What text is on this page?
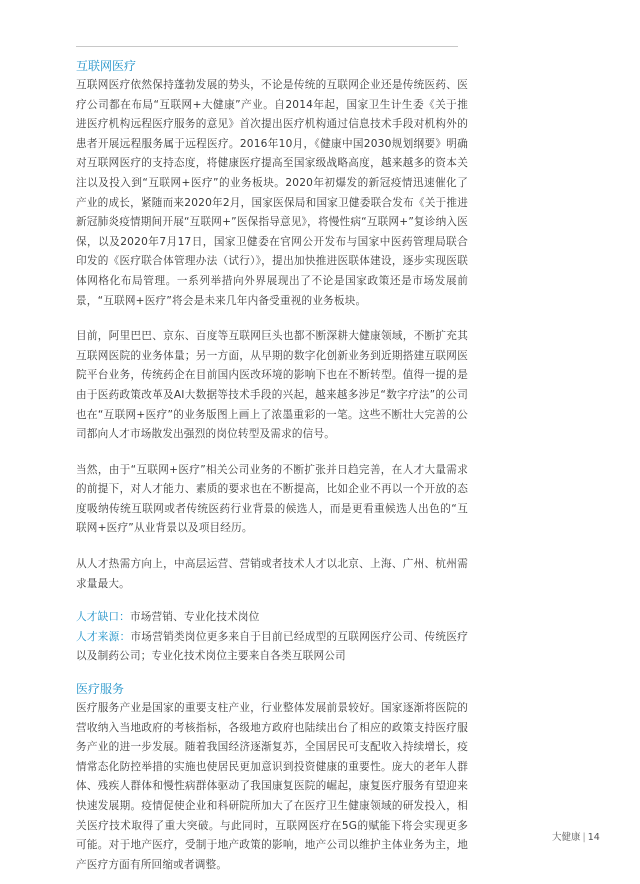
互联网医疗

互联网医疗依然保持蓬勃发展的势头，不论是传统的互联网企业还是传统医药、医疗公司都在布局“互联网+大健康”产业。自2014年起，国家卫生计生委《关于推进医疗机构远程医疗服务的意见》首次提出医疗机构通过信息技术手段对机构外的患者开展远程服务属于远程医疗。2016年10月，《健康中国2030规划纲要》明确对互联网医疗的支持态度，将健康医疗提高至国家级战略高度，越来越多的资本关注以及投入到“互联网+医疗”的业务板块。2020年初爆发的新冠疫情迅速催化了产业的成长，紧随而来2020年2月，国家医保局和国家卫健委联合发布《关于推进新冠肺炎疫情期间开展“互联网+”医保指导意见》，将慢性病“互联网+”复诊纳入医保，以及2020年7月17日，国家卫健委在官网公开发布与国家中医药管理局联合印发的《医疗联合体管理办法（试行）》，提出加快推进医联体建设，逐步实现医联体网格化布局管理。一系列举措向外界展现出了不论是国家政策还是市场发展前景，“互联网+医疗”将会是未来几年内备受重视的业务板块。

目前，阿里巴巴、京东、百度等互联网巨头也都不断深耕大健康领域，不断扩充其互联网医院的业务体量；另一方面，从早期的数字化创新业务到近期搭建互联网医院平台业务，传统药企在目前国内医改环境的影响下也在不断转型。值得一提的是由于医药政策改革及AI大数据等技术手段的兴起，越来越多涉足“数字疗法”的公司也在“互联网+医疗”的业务版图上画上了浓墨重彩的一笔。这些不断壮大完善的公司都向人才市场散发出强烈的岗位转型及需求的信号。

当然，由于“互联网+医疗”相关公司业务的不断扩张并日趋完善，在人才大量需求的前提下，对人才能力、素质的要求也在不断提高，比如企业不再以一个开放的态度吸纳传统互联网或者传统医药行业背景的候选人，而是更看重候选人出色的“互联网+医疗”从业背景以及项目经历。

从人才热需方向上，中高层运营、营销或者技术人才以北京、上海、广州、杭州需求量最大。

人才缺口：市场营销、专业化技术岗位

人才来源：市场营销类岗位更多来自于目前已经成型的互联网医疗公司、传统医疗以及制药公司；专业化技术岗位主要来自各类互联网公司

医疗服务

医疗服务产业是国家的重要支柱产业，行业整体发展前景较好。国家逐渐将医院的营收纳入当地政府的考核指标，各级地方政府也陆续出台了相应的政策支持医疗服务产业的进一步发展。随着我国经济逐渐复苏，全国居民可支配收入持续增长，疫情常态化防控举措的实施也使居民更加意识到投资健康的重要性。庞大的老年人群体、残疾人群体和慢性病群体驱动了我国康复医院的崛起，康复医疗服务有望迎来快速发展期。疫情促使企业和科研院所加大了在医疗卫生健康领域的研发投入，相关医疗技术取得了重大突破。与此同时，互联网医疗在5G的赋能下将会实现更多可能。对于地产医疗，受制于地产政策的影响，地产公司以维护主体业务为主，地产医疗方面有所回缩或者调整。

大健康 | 14
